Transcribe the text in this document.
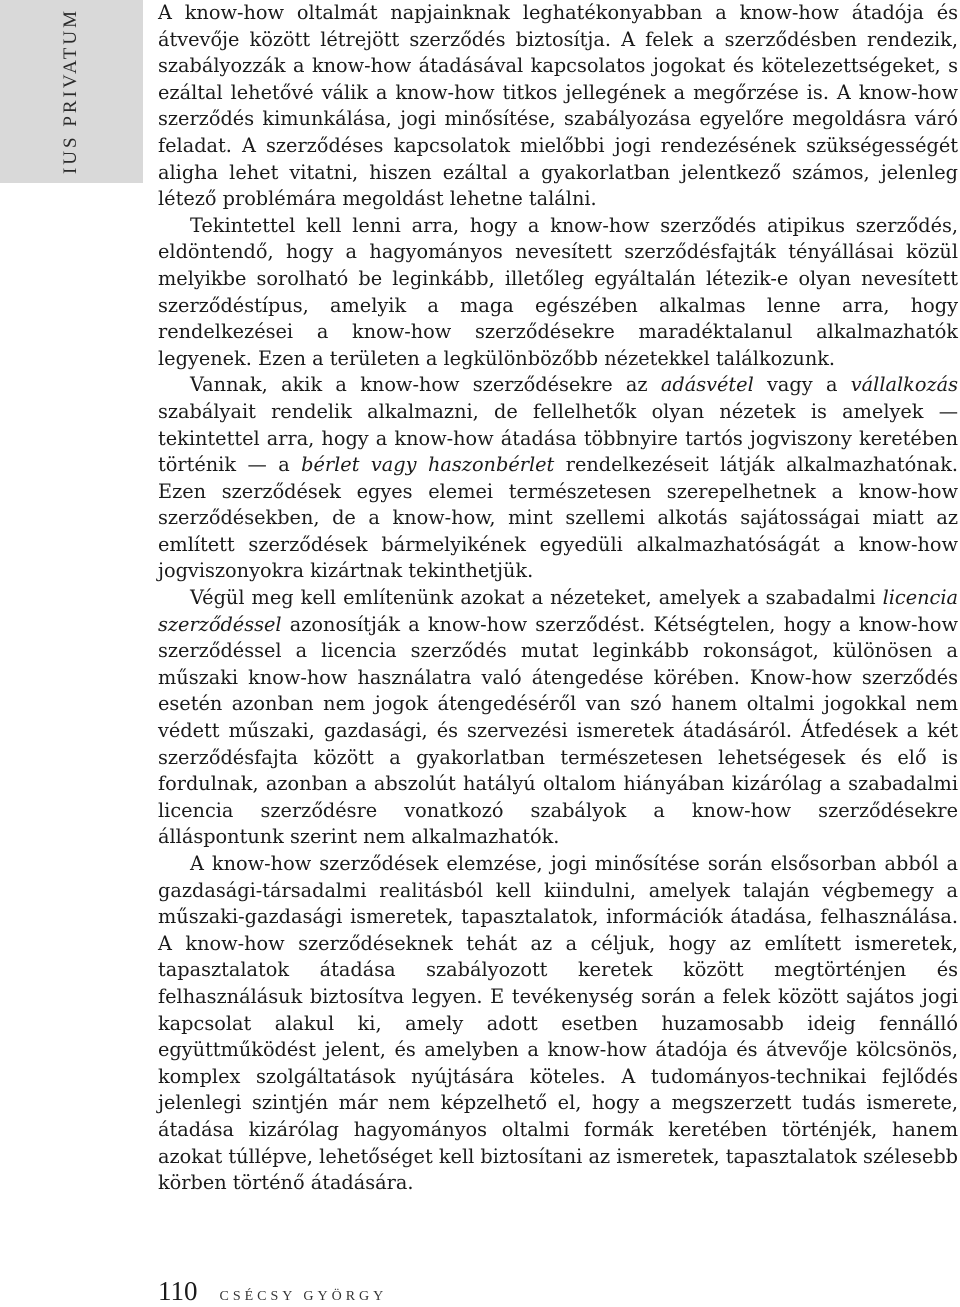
IUS PRIVATUM	A know-how oltalmát napjainknak leghatékonyabban a know-how átadója és átvevője között létrejött szerződés biztosítja. A felek a szerződésben rendezik, szabályozzák a know-how átadásával kapcsolatos jogokat és kötelezettségeket, s ezáltal lehetővé válik a know-how titkos jellegének a megőrzése is. A know-how szerződés kimunkálása, jogi minősítése, szabályozása egyelőre megoldásra váró feladat. A szerződéses kapcsolatok mielőbbi jogi rendezésének szükségességét aligha lehet vitatni, hiszen ezáltal a gyakorlatban jelentkező számos, jelenleg létező problémára megoldást lehetne találni.

Tekintettel kell lenni arra, hogy a know-how szerződés atipikus szerződés, eldöntendő, hogy a hagyományos nevesített szerződésfajták tényállásai közül melyikbe sorolható be leginkább, illetőleg egyáltalán létezik-e olyan nevesített szerződéstípus, amelyik a maga egészében alkalmas lenne arra, hogy rendelkezései a know-how szerződésekre maradéktalanul alkalmazhatók legyenek. Ezen a területen a legkülönbözőbb nézetekkel találkozunk.

Vannak, akik a know-how szerződésekre az adásvétel vagy a vállalkozás szabályait rendelik alkalmazni, de fellelhetők olyan nézetek is amelyek — tekintettel arra, hogy a know-how átadása többnyire tartós jogviszony keretében történik — a bérlet vagy haszonbérlet rendelkezéseit látják alkalmazhatónak. Ezen szerződések egyes elemei természetesen szerepelhetnek a know-how szerződésekben, de a know-how, mint szellemi alkotás sajátosságai miatt az említett szerződések bármelyikének egyedüli alkalmazhatóságát a know-how jogviszonyokra kizártnak tekinthetjük.

Végül meg kell említenünk azokat a nézeteket, amelyek a szabadalmi licencia szerződéssel azonosítják a know-how szerződést. Kétségtelen, hogy a know-how szerződéssel a licencia szerződés mutat leginkább rokonságot, különösen a műszaki know-how használatra való átengedése körében. Know-how szerződés esetén azonban nem jogok átengedéséről van szó hanem oltalmi jogokkal nem védett műszaki, gazdasági, és szervezési ismeretek átadásáról. Átfedések a két szerződésfajta között a gyakorlatban természetesen lehetségesek és elő is fordulnak, azonban a abszolút hatályú oltalom hiányában kizárólag a szabadalmi licencia szerződésre vonatkozó szabályok a know-how szerződésekre álláspontunk szerint nem alkalmazhatók.

A know-how szerződések elemzése, jogi minősítése során elsősorban abból a gazdasági-társadalmi realitásból kell kiindulni, amelyek talaján végbemegy a műszaki-gazdasági ismeretek, tapasztalatok, információk átadása, felhasználása. A know-how szerződéseknek tehát az a céljuk, hogy az említett ismeretek, tapasztalatok átadása szabályozott keretek között megtörténjen és felhasználásuk biztosítva legyen. E tevékenység során a felek között sajátos jogi kapcsolat alakul ki, amely adott esetben huzamosabb ideig fennálló együttműködést jelent, és amelyben a know-how átadója és átvevője kölcsönös, komplex szolgáltatások nyújtására köteles. A tudományos-technikai fejlődés jelenlegi szintjén már nem képzelhető el, hogy a megszerzett tudás ismerete, átadása kizárólag hagyományos oltalmi formák keretében történjék, hanem azokat túllépve, lehetőséget kell biztosítani az ismeretek, tapasztalatok szélesebb körben történő átadására.

110 CSÉCSY GYÖRGY
